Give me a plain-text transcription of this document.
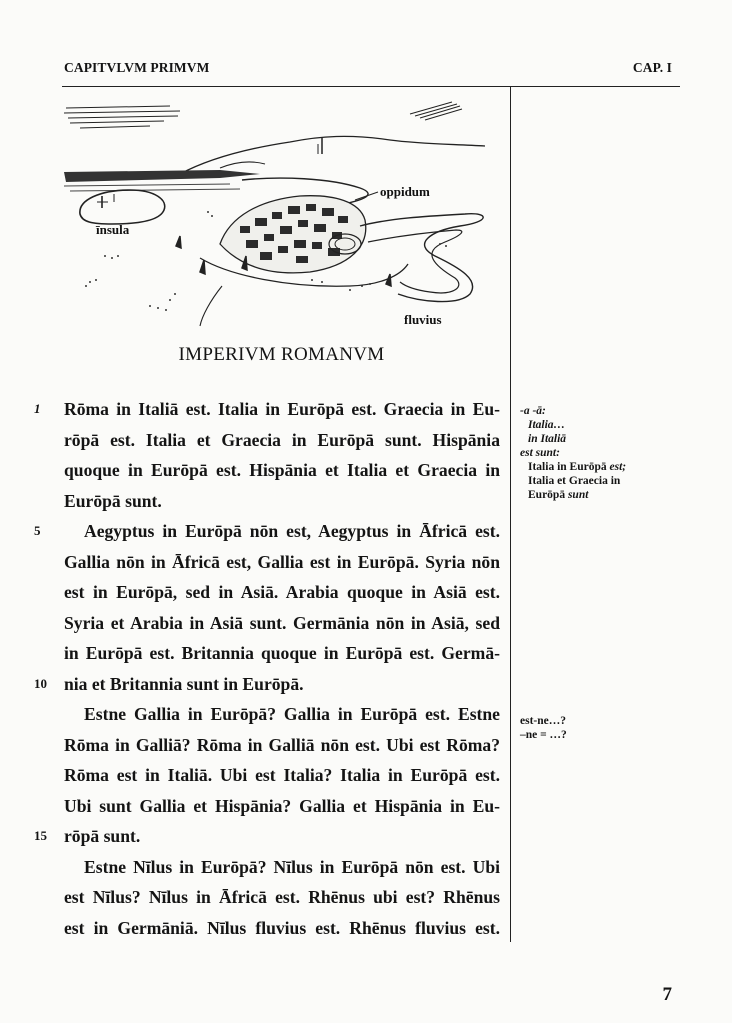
CAPITVLVM PRIMVM	CAP. I
oppidum
īnsula
fluvius
IMPERIVM ROMANVM
1	Rōma in Italiā est. Italia in Eurōpā est. Graecia in Eu-
rōpā est. Italia et Graecia in Eurōpā sunt. Hispānia
quoque in Eurōpā est. Hispānia et Italia et Graecia in
Eurōpā sunt.
5	Aegyptus in Eurōpā nōn est, Aegyptus in Āfricā est.
Gallia nōn in Āfricā est, Gallia est in Eurōpā. Syria nōn
est in Eurōpā, sed in Asiā. Arabia quoque in Asiā est.
Syria et Arabia in Asiā sunt. Germānia nōn in Asiā, sed
in Eurōpā est. Britannia quoque in Eurōpā est. Germā-
10 nia et Britannia sunt in Eurōpā.
Estne Gallia in Eurōpā? Gallia in Eurōpā est. Estne
Rōma in Galliā? Rōma in Galliā nōn est. Ubi est Rōma?
Rōma est in Italiā. Ubi est Italia? Italia in Eurōpā est.
Ubi sunt Gallia et Hispānia? Gallia et Hispānia in Eu-
15 rōpā sunt.
Estne Nīlus in Eurōpā? Nīlus in Eurōpā nōn est. Ubi
est Nīlus? Nīlus in Āfricā est. Rhēnus ubi est? Rhēnus
est in Germāniā. Nīlus fluvius est. Rhēnus fluvius est.
-a -ā:
Italia…
in Italiā
est sunt:
Italia in Eurōpā est;
Italia et Graecia in
Eurōpā sunt
est-ne…?
–ne = …?
7
